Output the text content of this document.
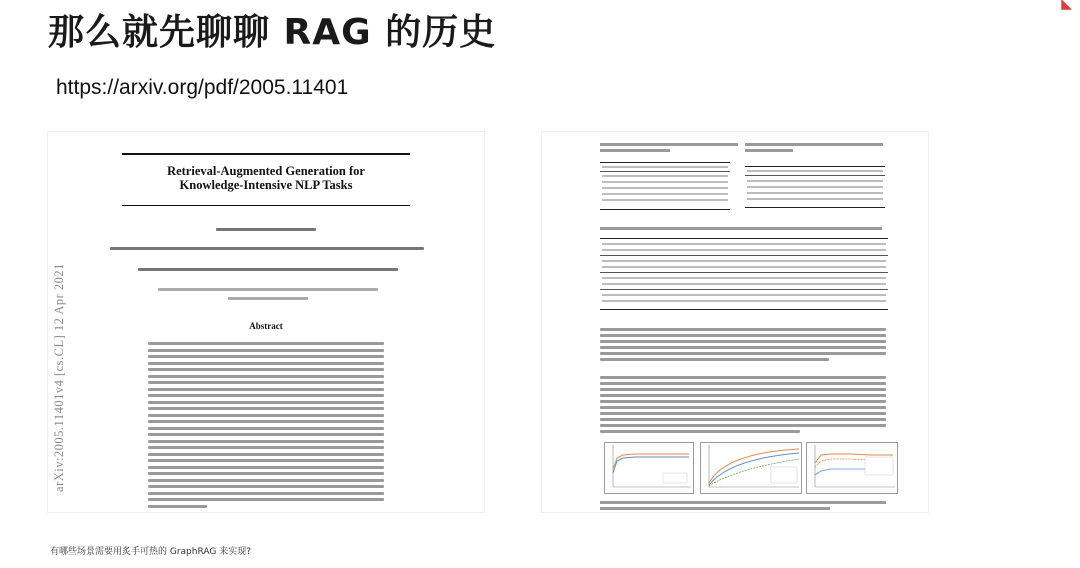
那么就先聊聊 RAG 的历史
https://arxiv.org/pdf/2005.11401
◣
Retrieval-Augmented Generation for
Knowledge-Intensive NLP Tasks
arXiv:2005.11401v4 [cs.CL] 12 Apr 2021	Abstract
有哪些场景需要用炙手可热的 GraphRAG 来实现?
